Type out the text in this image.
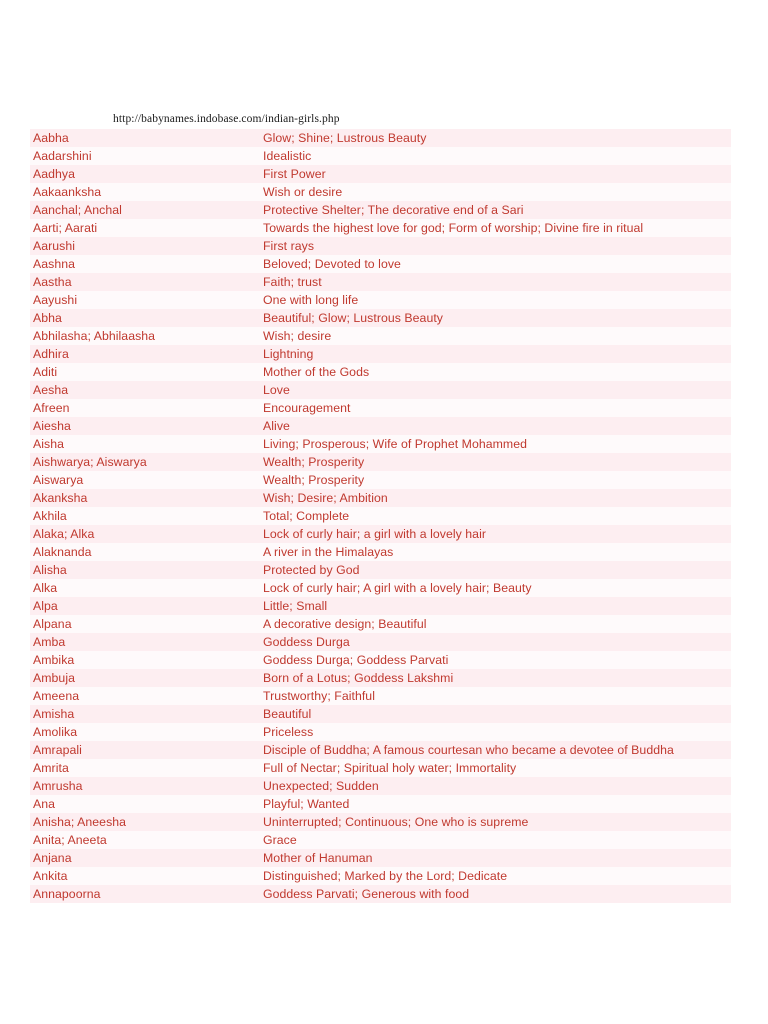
http://babynames.indobase.com/indian-girls.php
Aabha	Glow; Shine; Lustrous Beauty
Aadarshini	Idealistic
Aadhya	First Power
Aakaanksha	Wish or desire
Aanchal; Anchal	Protective Shelter; The decorative end of a Sari
Aarti; Aarati	Towards the highest love for god; Form of worship; Divine fire in ritual
Aarushi	First rays
Aashna	Beloved; Devoted to love
Aastha	Faith; trust
Aayushi	One with long life
Abha	Beautiful; Glow; Lustrous Beauty
Abhilasha; Abhilaasha	Wish; desire
Adhira	Lightning
Aditi	Mother of the Gods
Aesha	Love
Afreen	Encouragement
Aiesha	Alive
Aisha	Living; Prosperous; Wife of Prophet Mohammed
Aishwarya; Aiswarya	Wealth; Prosperity
Aiswarya	Wealth; Prosperity
Akanksha	Wish; Desire; Ambition
Akhila	Total; Complete
Alaka; Alka	Lock of curly hair; a girl with a lovely hair
Alaknanda	A river in the Himalayas
Alisha	Protected by God
Alka	Lock of curly hair; A girl with a lovely hair; Beauty
Alpa	Little; Small
Alpana	A decorative design; Beautiful
Amba	Goddess Durga
Ambika	Goddess Durga; Goddess Parvati
Ambuja	Born of a Lotus; Goddess Lakshmi
Ameena	Trustworthy; Faithful
Amisha	Beautiful
Amolika	Priceless
Amrapali	Disciple of Buddha; A famous courtesan who became a devotee of Buddha
Amrita	Full of Nectar; Spiritual holy water; Immortality
Amrusha	Unexpected; Sudden
Ana	Playful; Wanted
Anisha; Aneesha	Uninterrupted; Continuous; One who is supreme
Anita; Aneeta	Grace
Anjana	Mother of Hanuman
Ankita	Distinguished; Marked by the Lord; Dedicate
Annapoorna	Goddess Parvati; Generous with food
